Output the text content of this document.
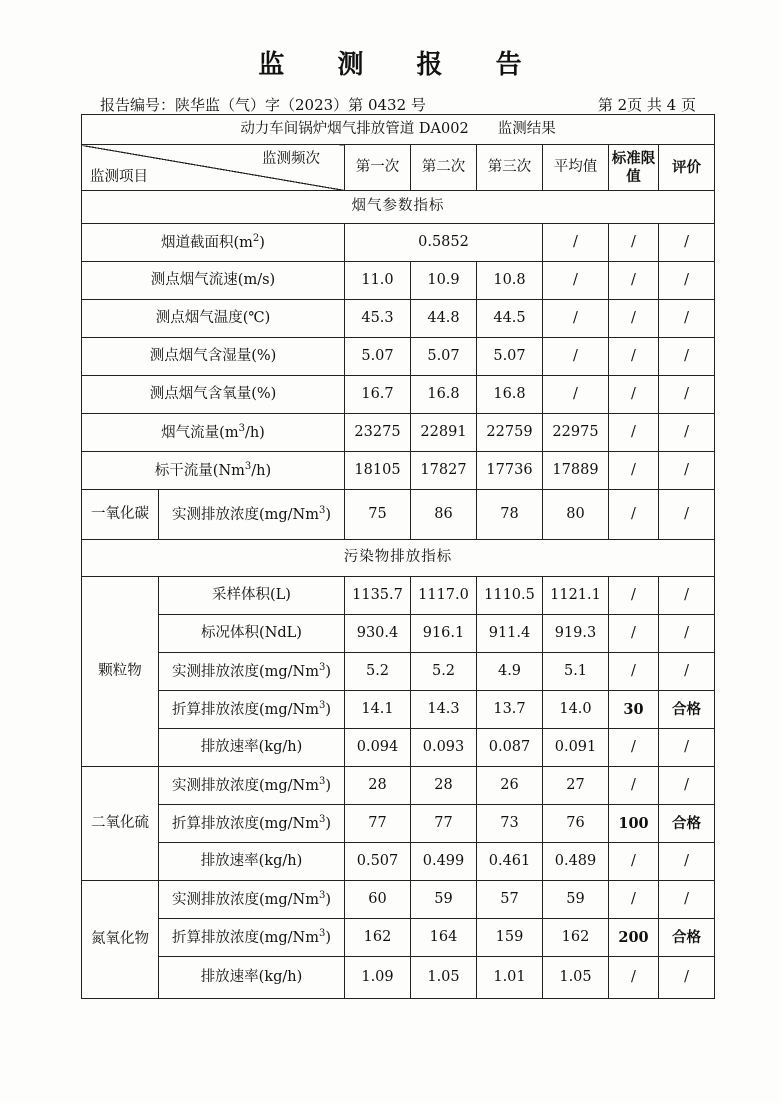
监 测 报 告
报告编号：陕华监（气）字（2023）第 0432 号	第 2页 共 4 页
动力车间锅炉烟气排放管道 DA002　　监测结果							

监测频次
监测项目		第一次	第二次	第三次	平均值	标准限值	评价
烟气参数指标							
烟道截面积$(m^2)$		0.5852			/	/	/
测点烟气流速(m/s)		11.0	10.9	10.8	/	/	/
测点烟气温度(℃)		45.3	44.8	44.5	/	/	/
测点烟气含湿量(%)		5.07	5.07	5.07	/	/	/
测点烟气含氧量(%)		16.7	16.8	16.8	/	/	/
烟气流量$(m^3/h)$		23275	22891	22759	22975	/	/
标干流量(Nm$^3$/h)		18105	17827	17736	17889	/	/
一氧化碳	实测排放浓度(mg/Nm$^3$)	75	86	78	80	/	/
污染物排放指标							
颗粒物	采样体积(L)	1135.7	1117.0	1110.5	1121.1	/	/
	标况体积(NdL)	930.4	916.1	911.4	919.3	/	/
	实测排放浓度(mg/Nm$^3$)	5.2	5.2	4.9	5.1	/	/
	折算排放浓度(mg/Nm$^3$)	14.1	14.3	13.7	14.0	30	合格
	排放速率(kg/h)	0.094	0.093	0.087	0.091	/	/
二氧化硫	实测排放浓度(mg/Nm$^3$)	28	28	26	27	/	/
	折算排放浓度(mg/Nm$^3$)	77	77	73	76	100	合格
	排放速率(kg/h)	0.507	0.499	0.461	0.489	/	/
氮氧化物	实测排放浓度(mg/Nm$^3$)	60	59	57	59	/	/
	折算排放浓度(mg/Nm$^3$)	162	164	159	162	200	合格
	排放速率(kg/h)	1.09	1.05	1.01	1.05	/	/
